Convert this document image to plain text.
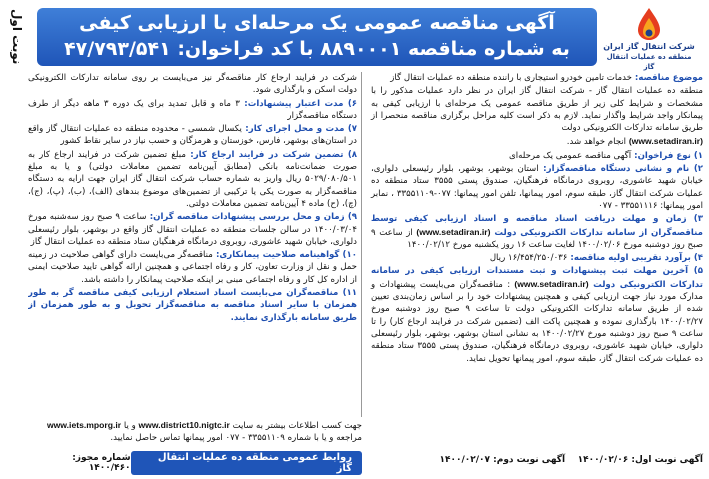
نوبت اول	آگهی مناقصه عمومی یک مرحله‌ای با ارزیابی کیفی
به شماره مناقصه ۸۸۹۰۰۰۱ با کد فراخوان: ۴۷/۷۹۳/۵۴۱	شرکت انتقال گاز ایران
منطقه ده عملیات انتقال گاز
موضوع مناقصه: خدمات تامین خودرو استیجاری با راننده منطقه ده عملیات انتقال گاز
منطقه ده عملیات انتقال گاز - شرکت انتقال گاز ایران در نظر دارد عملیات مذکور را با مشخصات و شرایط کلی زیر از طریق مناقصه عمومی یک مرحله‌ای با ارزیابی کیفی به پیمانکار واجد شرایط واگذار نماید. لازم به ذکر است کلیه مراحل برگزاری مناقصه منحصرا از طریق سامانه تدارکات الکترونیکی دولت
(www.setadiran.ir) انجام خواهد شد.
۱) نوع فراخوان: آگهی مناقصه عمومی یک مرحله‌ای
۲) نام و نشانی دستگاه مناقصه‌گزار: استان بوشهر، بوشهر، بلوار رئیسعلی دلواری، خیابان شهید عاشوری، روبروی درمانگاه فرهنگیان، صندوق پستی ۳۵۵۵ ستاد منطقه ده عملیات شرکت انتقال گاز، طبقه سوم، امور پیمانها، تلفن امور پیمانها: ۰۷۷-۳۳۵۵۱۱۰۹ ، نمابر امور پیمانها: ۳۳۵۵۱۱۱۶ - ۰۷۷
۳) زمان و مهلت دریافت اسناد مناقصه و اسناد ارزیابی کیفی توسط مناقصه‌گران از سامانه تدارکات الکترونیکی دولت (www.setadiran.ir) از ساعت ۹ صبح روز دوشنبه مورخ ۱۴۰۰/۰۲/۰۶ لغایت ساعت ۱۶ روز یکشنبه مورخ ۱۴۰۰/۰۲/۱۲
۴) برآورد تقریبی اولیه مناقصه: ۱۶/۴۵۴/۲۵۰/۰۳۶ ریال
۵) آخرین مهلت ثبت پیشنهادات و ثبت مستندات ارزیابی کیفی در سامانه تدارکات الکترونیکی دولت (www.setadiran.ir) : مناقصه‌گران می‌بایست پیشنهادات و مدارک مورد نیاز جهت ارزیابی کیفی و همچنین پیشنهادات خود را بر اساس زمان‌بندی تعیین شده از طریق سامانه تدارکات الکترونیکی دولت تا ساعت ۹ صبح روز دوشنبه مورخ ۱۴۰۰/۰۲/۲۷ بارگذاری نموده و همچنین پاکت الف (تضمین شرکت در فرایند ارجاع کار) را تا ساعت ۹ صبح روز دوشنبه مورخ ۱۴۰۰/۰۲/۲۷ به نشانی استان بوشهر، بوشهر، بلوار رئیسعلی دلواری، خیابان شهید عاشوری، روبروی درمانگاه فرهنگیان، صندوق پستی ۳۵۵۵ ستاد منطقه ده عملیات شرکت انتقال گاز، طبقه سوم، امور پیمانها تحویل نماید.
شرکت در فرایند ارجاع کار مناقصه‌گر نیز می‌بایست بر روی سامانه تدارکات الکترونیکی دولت اسکن و بارگذاری شود.
۶) مدت اعتبار پیشنهادات: ۳ ماه و قابل تمدید برای یک دوره ۳ ماهه دیگر از طرف دستگاه مناقصه‌گزار
۷) مدت و محل اجرای کار: یکسال شمسی - محدوده منطقه ده عملیات انتقال گاز واقع در استان‌های بوشهر، فارس، خوزستان و هرمزگان و حسب نیاز در سایر نقاط کشور
۸) تضمین شرکت در فرایند ارجاع کار: مبلغ تضمین شرکت در فرایند ارجاع کار به صورت ضمانت‌نامه بانکی (مطابق آیین‌نامه تضمین معاملات دولتی) و یا به مبلغ ۵۰۲۹/۰۸۰/۵۰۱ ریال واریز به شماره حساب شرکت انتقال گاز ایران جهت ارایه به دستگاه مناقصه‌گزار به صورت یکی یا ترکیبی از تضمین‌های موضوع بندهای (الف)، (ب)، (پ)، (ج)، (چ)، (ح) ماده ۴ آیین‌نامه تضمین معاملات دولتی.
۹) زمان و محل بررسی پیشنهادات مناقصه گران: ساعت ۹ صبح روز سه‌شنبه مورخ ۱۴۰۰/۰۳/۰۴ در سالن جلسات منطقه ده عملیات انتقال گاز واقع در بوشهر، بلوار رئیسعلی دلواری، خیابان شهید عاشوری، روبروی درمانگاه فرهنگیان ستاد منطقه ده عملیات انتقال گاز
۱۰) گواهینامه صلاحیت پیمانکاری: مناقصه‌گر می‌بایست دارای گواهی صلاحیت در زمینه حمل و نقل از وزارت تعاون، کار و رفاه اجتماعی و همچنین ارائه گواهی تایید صلاحیت ایمنی از اداره کل کار و رفاه اجتماعی مبنی بر اینکه صلاحیت پیمانکار را داشته باشد.
۱۱) مناقصه‌گران می‌بایست اسناد استعلام ارزیابی کیفی مناقصه گر به طور همزمان با سایر اسناد مناقصه به مناقصه‌گزار تحویل و به طور همزمان از طریق سامانه بارگذاری نمایند.
آگهی نوبت اول: ۱۴۰۰/۰۲/۰۶    آگهی نوبت دوم: ۱۴۰۰/۰۲/۰۷
جهت کسب اطلاعات بیشتر به سایت www.district10.nigtc.ir و یا www.iets.mporg.ir مراجعه و یا با شماره ۳۳۵۵۱۱۰۹ - ۰۷۷ امور پیمانها تماس حاصل نمایید.
روابط عمومی منطقه ده عملیات انتقال گاز
شماره مجوز: ۱۴۰۰/۴۶۰
